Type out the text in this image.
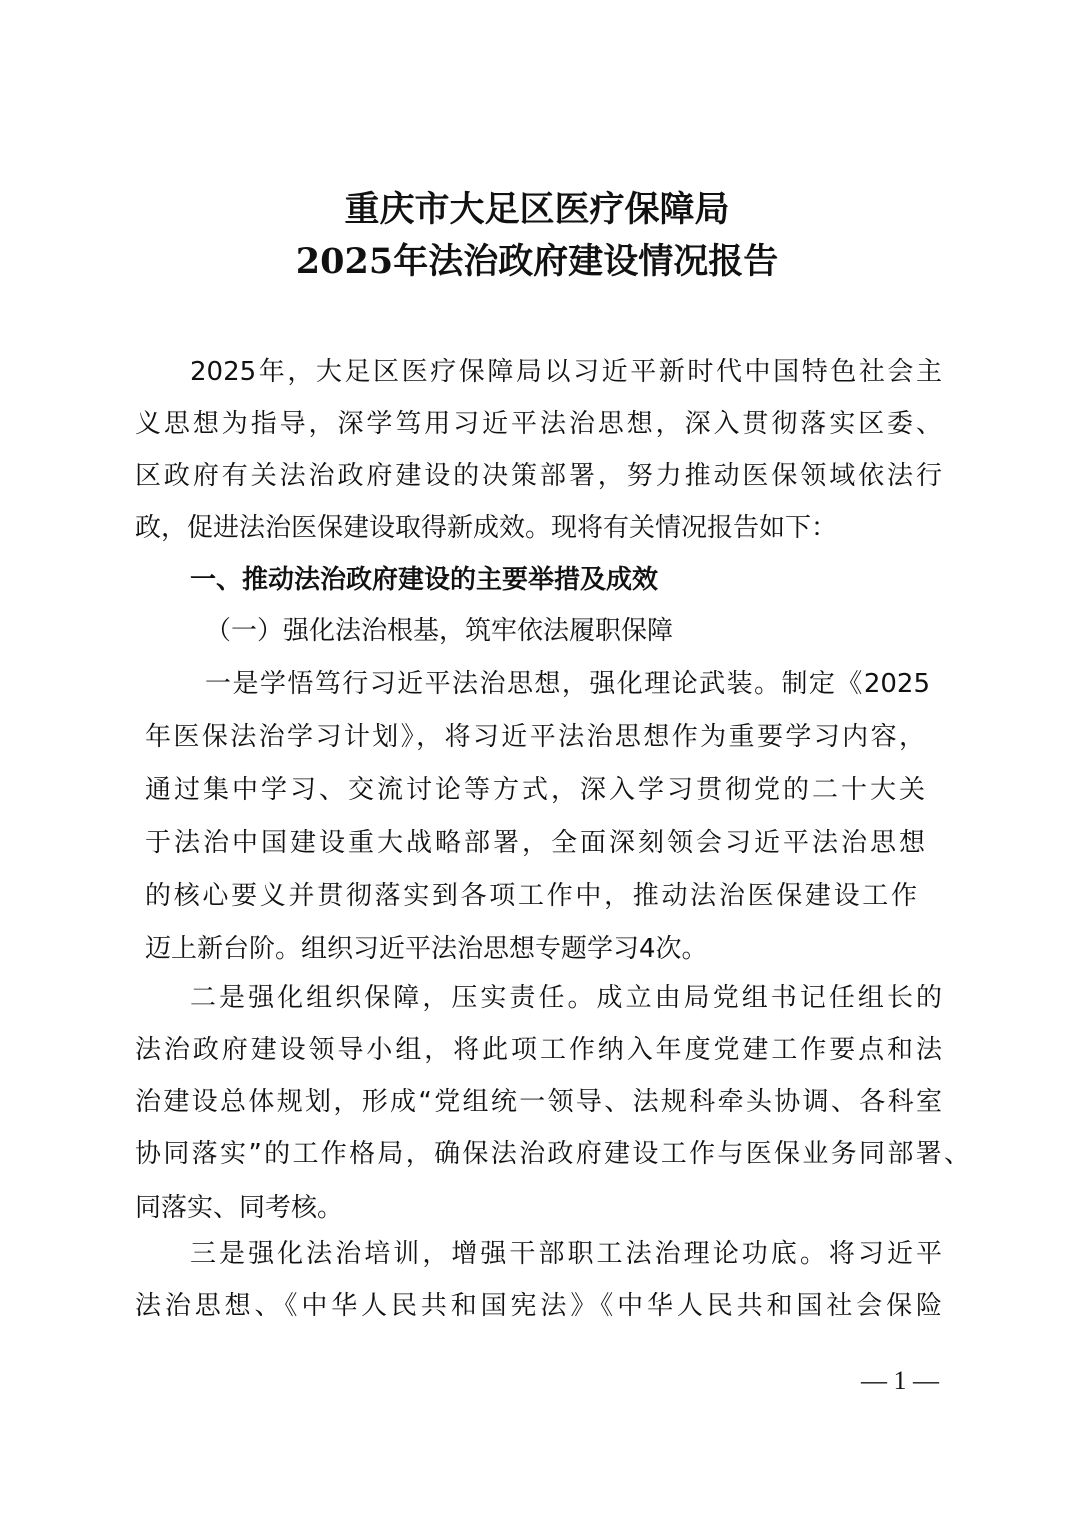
重庆市大足区医疗保障局
2025年法治政府建设情况报告
2025年，大足区医疗保障局以习近平新时代中国特色社会主
义思想为指导，深学笃用习近平法治思想，深入贯彻落实区委、
区政府有关法治政府建设的决策部署，努力推动医保领域依法行
政，促进法治医保建设取得新成效。现将有关情况报告如下：
一、推动法治政府建设的主要举措及成效
（一）强化法治根基，筑牢依法履职保障
一是学悟笃行习近平法治思想，强化理论武装。制定《2025
年医保法治学习计划》，将习近平法治思想作为重要学习内容，
通过集中学习、交流讨论等方式，深入学习贯彻党的二十大关
于法治中国建设重大战略部署，全面深刻领会习近平法治思想
的核心要义并贯彻落实到各项工作中，推动法治医保建设工作
迈上新台阶。组织习近平法治思想专题学习4次。
二是强化组织保障，压实责任。成立由局党组书记任组长的
法治政府建设领导小组，将此项工作纳入年度党建工作要点和法
治建设总体规划，形成“党组统一领导、法规科牵头协调、各科室
协同落实”的工作格局，确保法治政府建设工作与医保业务同部署、
同落实、同考核。
三是强化法治培训，增强干部职工法治理论功底。将习近平
法治思想、《中华人民共和国宪法》《中华人民共和国社会保险
— 1 —
